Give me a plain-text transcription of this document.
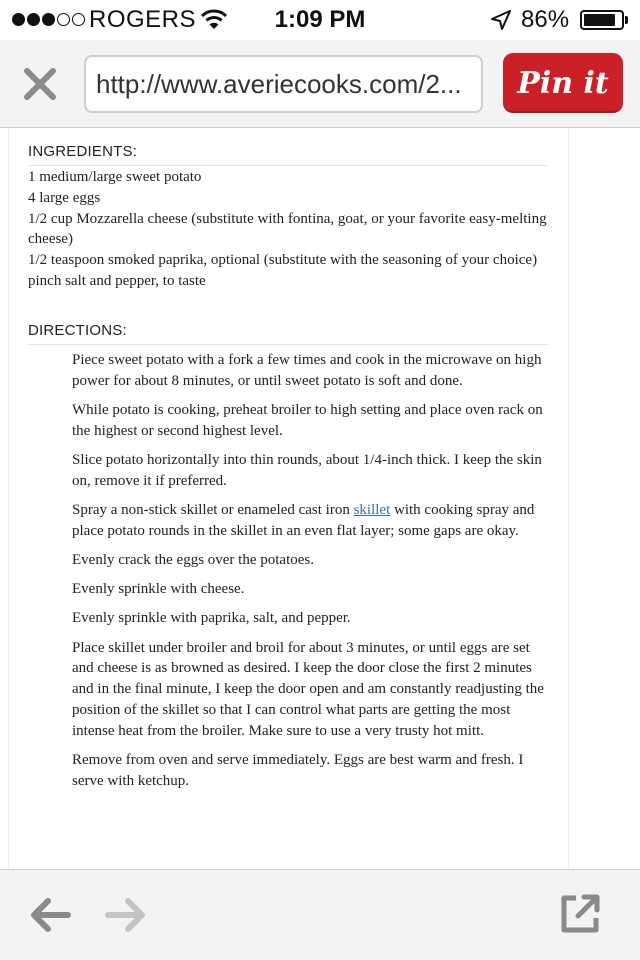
ROGERS	1:09 PM	86%
http://www.averiecooks.com/2...	Pin it
INGREDIENTS:
1 medium/large sweet potato
4 large eggs
1/2 cup Mozzarella cheese (substitute with fontina, goat, or your favorite easy-melting cheese)
1/2 teaspoon smoked paprika, optional (substitute with the seasoning of your choice)
pinch salt and pepper, to taste
DIRECTIONS:
Piece sweet potato with a fork a few times and cook in the microwave on high power for about 8 minutes, or until sweet potato is soft and done.
While potato is cooking, preheat broiler to high setting and place oven rack on the highest or second highest level.
Slice potato horizontally into thin rounds, about 1/4-inch thick. I keep the skin on, remove it if preferred.
Spray a non-stick skillet or enameled cast iron skillet with cooking spray and place potato rounds in the skillet in an even flat layer; some gaps are okay.
Evenly crack the eggs over the potatoes.
Evenly sprinkle with cheese.
Evenly sprinkle with paprika, salt, and pepper.
Place skillet under broiler and broil for about 3 minutes, or until eggs are set and cheese is as browned as desired. I keep the door close the first 2 minutes and in the final minute, I keep the door open and am constantly readjusting the position of the skillet so that I can control what parts are getting the most intense heat from the broiler. Make sure to use a very trusty hot mitt.
Remove from oven and serve immediately. Eggs are best warm and fresh. I serve with ketchup.
